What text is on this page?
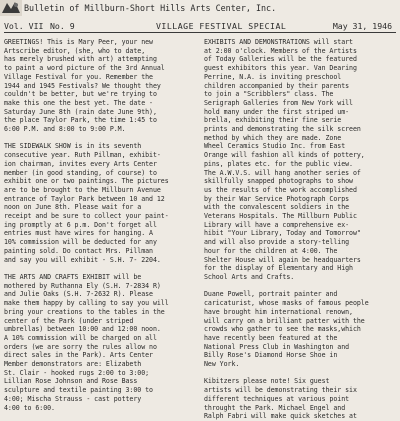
Bulletin of Millburn-Short Hills Arts Center, Inc.
Vol. VII No. 9	VILLAGE FESTIVAL SPECIAL	May 31, 1946

GREETINGS! This is Mary Peer, your new

Artscribe editor, (she, who to date,

has merely brushed with art) attempting

to paint a word picture of the 3rd Annual

Village Festival for you. Remember the

1944 and 1945 Festivals? We thought they

couldn't be better, but we're trying to

make this one the best yet. The date -

Saturday June 8th (rain date June 9th),

the place Taylor Park, the time 1:45 to

6:00 P.M. and 8:00 to 9:00 P.M.

THE SIDEWALK SHOW is in its seventh

consecutive year. Ruth Pillman, exhibit-

ion chairman, invites every Arts Center

member (in good standing, of course) to

exhibit one or two paintings. The pictures

are to be brought to the Millburn Avenue

entrance of Taylor Park between 10 and 12

noon on June 8th. Please wait for a

receipt and be sure to collect your paint-

ing promptly at 6 p.m. Don't forget all

entries must have wires for hanging. A

10% commission will be deducted for any

painting sold. Do contact Mrs. Pillman

and say you will exhibit - S.H. 7- 2204.

THE ARTS AND CRAFTS EXHIBIT will be

mothered by Ruthanna Ely (S.H. 7-2834 R)

and Julie Oaks (S.H. 7-2632 R). Please

make them happy by calling to say you will

bring your creations to the tables in the

center of the Park (under striped

umbrellas) between 10:00 and 12:00 noon.

A 10% commission will be charged on all

orders (we are sorry the rules allow no

direct sales in the Park). Arts Center

Member demonstrators are: Elizabeth

St. Clair - hooked rugs 2:00 to 3:00;

Lillian Rose Johnson and Rose Bass

sculpture and textile painting 3:00 to

4:00; Mischa Strauss - cast pottery

4:00 to 6:00.

EXHIBITS AND DEMONSTRATIONS will start

at 2:00 o'clock. Members of the Artists

of Today Galleries will be the featured

guest exhibitors this year. Van Dearing

Perrine, N.A. is inviting preschool

children accompanied by their parents

to join a "Scribblers" class. The

Serigraph Galleries from New York will

hold many under the first striped um-

brella, exhibiting their fine serie

prints and demonstrating the silk screen

method by which they are made. Zone

Wheel Ceramics Studio Inc. from East

Orange will fashion all kinds of pottery,

pins, plates etc. for the public view.

The A.W.V.S. will hang another series of

skillfully snapped photographs to show

us the results of the work accomplished

by their War Service Photograph Corps

with the convalescent soldiers in the

Veterans Hospitals. The Millburn Public

Library will have a comprehensive ex-

hibit "Your Library, Today and Tomorrow"

and will also provide a story-telling

hour for the children at 4:00. The

Shelter House will again be headquarters

for the display of Elementary and High

School Arts and Crafts.

Duane Powell, portrait painter and

caricaturist, whose masks of famous people

have brought him international renown,

will carry on a brilliant patter with the

crowds who gather to see the masks,which

have recently been featured at the

National Press Club in Washington and

Billy Rose's Diamond Horse Shoe in

New York.

Kibitzers please note! Six guest

artists will be demonstrating their six

different techniques at various point

throught the Park. Michael Engel and

Ralph Fabri will make quick sketches at
